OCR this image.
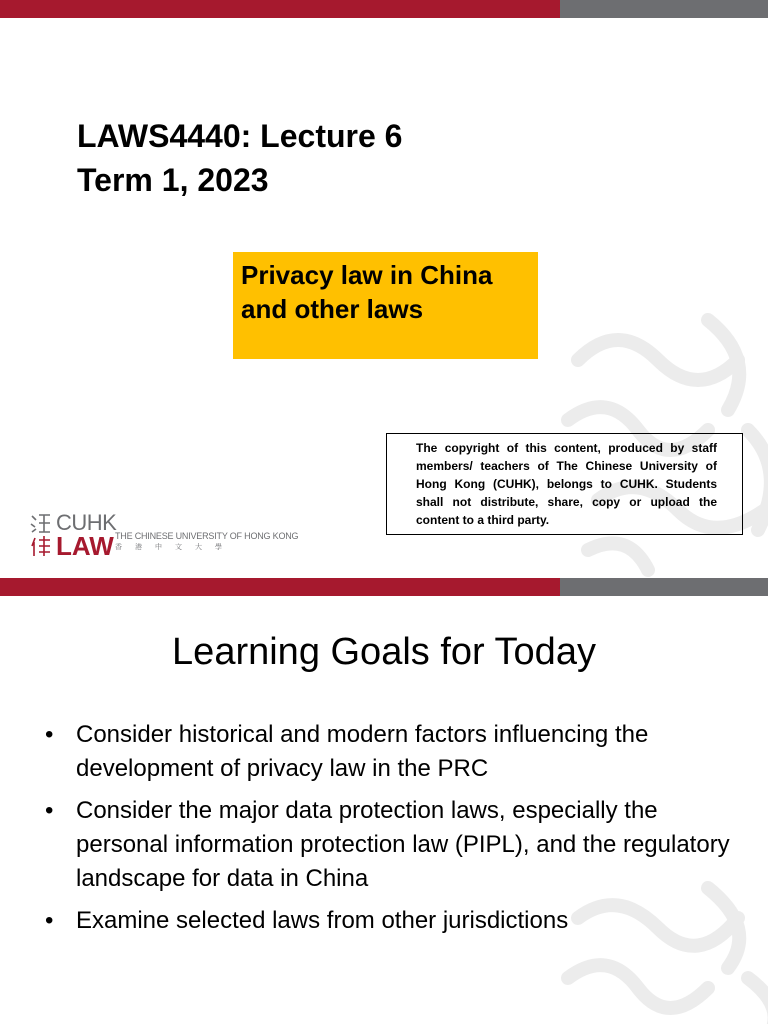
LAWS4440: Lecture 6
Term 1, 2023
Privacy law in China
and other laws
The copyright of this content, produced by staff members/ teachers of The Chinese University of Hong Kong (CUHK), belongs to CUHK. Students shall not distribute, share, copy or upload the content to a third party.
CUHK
LAW THE CHINESE UNIVERSITY OF HONG KONG
香港中文大學
Learning Goals for Today
• Consider historical and modern factors influencing the development of privacy law in the PRC
• Consider the major data protection laws, especially the personal information protection law (PIPL), and the regulatory landscape for data in China
• Examine selected laws from other jurisdictions
